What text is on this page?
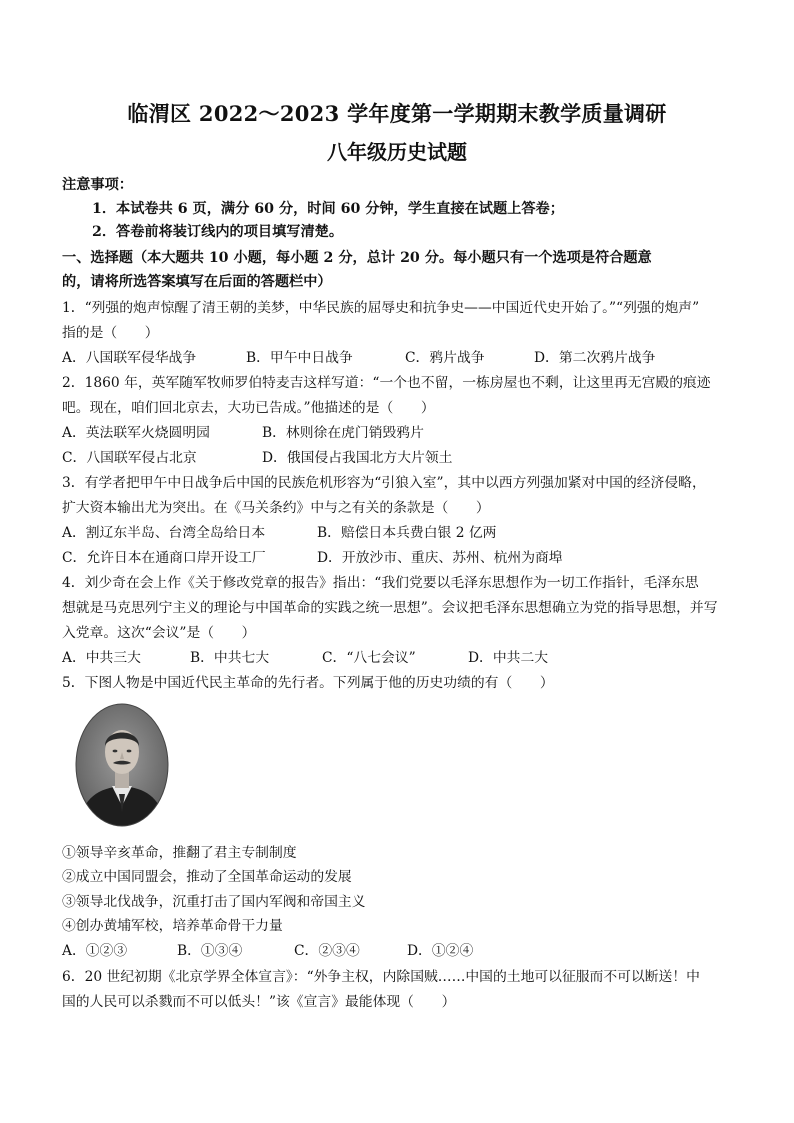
临渭区 2022～2023 学年度第一学期期末教学质量调研
八年级历史试题
注意事项：
1．本试卷共 6 页，满分 60 分，时间 60 分钟，学生直接在试题上答卷；
2．答卷前将装订线内的项目填写清楚。
一、选择题（本大题共 10 小题，每小题 2 分，总计 20 分。每小题只有一个选项是符合题意
的，请将所选答案填写在后面的答题栏中）
1．“列强的炮声惊醒了清王朝的美梦，中华民族的屈辱史和抗争史——中国近代史开始了。”“列强的炮声”
指的是（　　）
A．八国联军侵华战争	B．甲午中日战争	C．鸦片战争	D．第二次鸦片战争
2．1860 年，英军随军牧师罗伯特麦吉这样写道：“一个也不留，一栋房屋也不剩，让这里再无宫殿的痕迹
吧。现在，咱们回北京去，大功已告成。”他描述的是（　　）
A．英法联军火烧圆明园	B．林则徐在虎门销毁鸦片
C．八国联军侵占北京	D．俄国侵占我国北方大片领土
3．有学者把甲午中日战争后中国的民族危机形容为“引狼入室”，其中以西方列强加紧对中国的经济侵略，
扩大资本输出尤为突出。在《马关条约》中与之有关的条款是（　　）
A．割辽东半岛、台湾全岛给日本	B．赔偿日本兵费白银 2 亿两
C．允许日本在通商口岸开设工厂	D．开放沙市、重庆、苏州、杭州为商埠
4．刘少奇在会上作《关于修改党章的报告》指出：“我们党要以毛泽东思想作为一切工作指针，毛泽东思
想就是马克思列宁主义的理论与中国革命的实践之统一思想”。会议把毛泽东思想确立为党的指导思想，并写
入党章。这次“会议”是（　　）
A．中共三大	B．中共七大	C．“八七会议”	D．中共二大
5．下图人物是中国近代民主革命的先行者。下列属于他的历史功绩的有（　　）
①领导辛亥革命，推翻了君主专制制度
②成立中国同盟会，推动了全国革命运动的发展
③领导北伐战争，沉重打击了国内军阀和帝国主义
④创办黄埔军校，培养革命骨干力量
A．①②③	B．①③④	C．②③④	D．①②④
6．20 世纪初期《北京学界全体宣言》：“外争主权，内除国贼……中国的土地可以征服而不可以断送！中
国的人民可以杀戮而不可以低头！”该《宣言》最能体现（　　）
